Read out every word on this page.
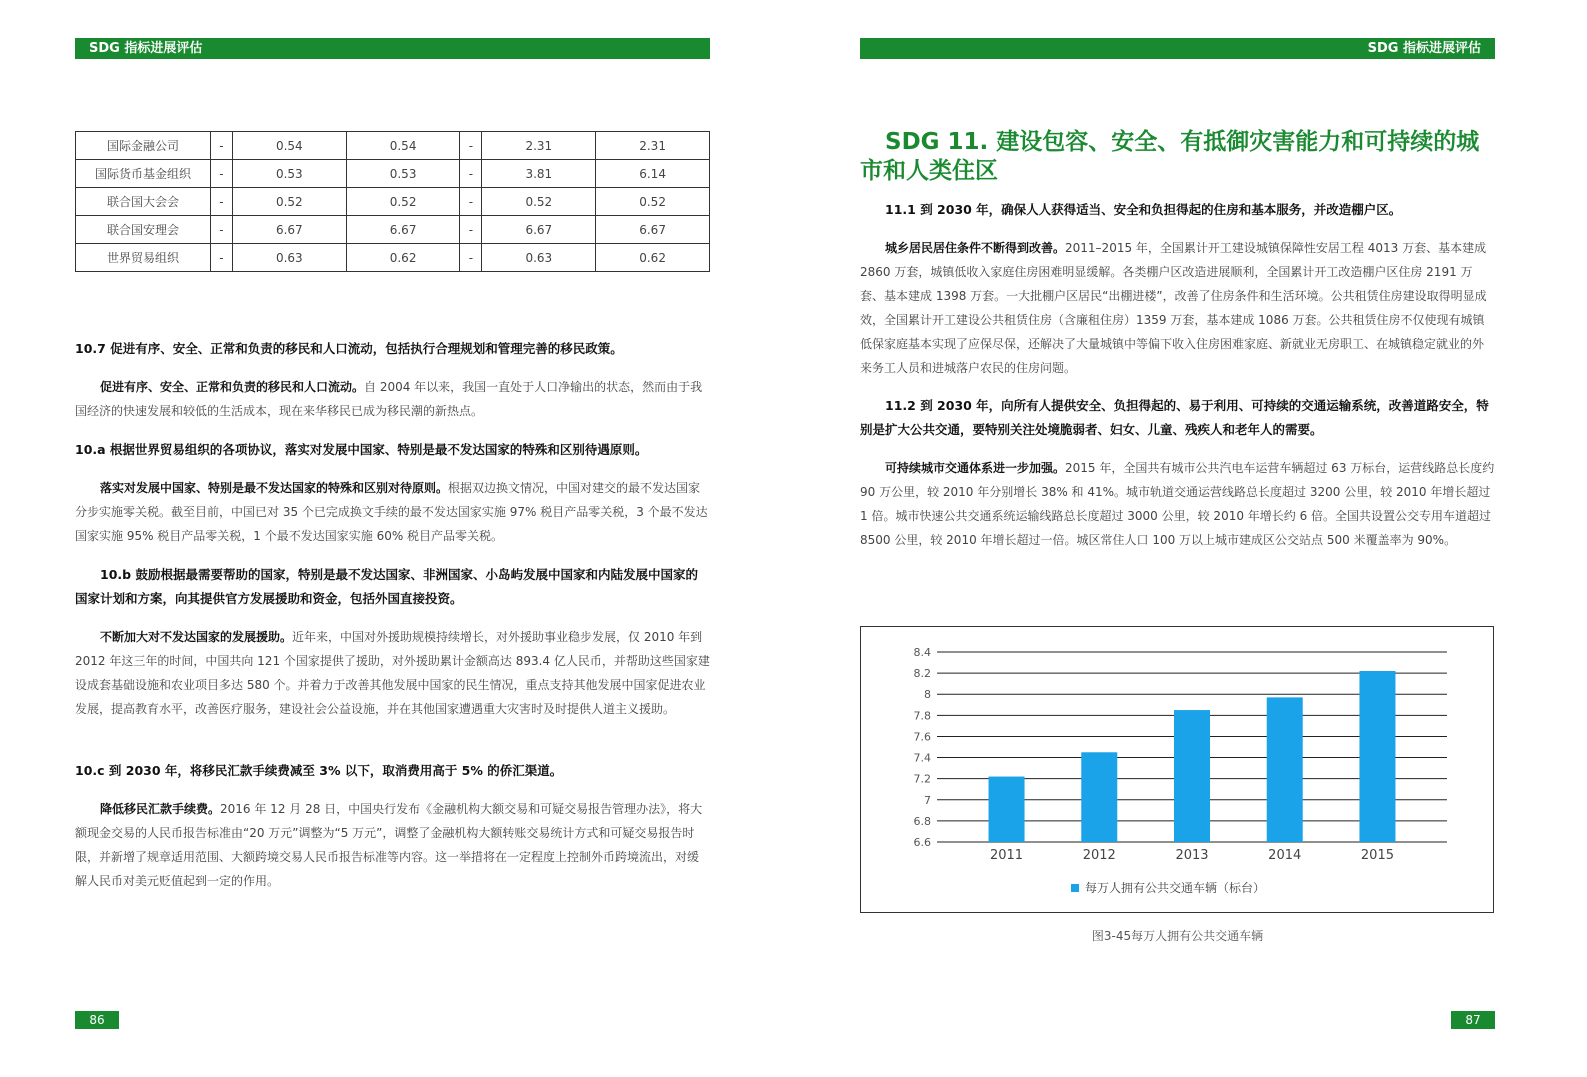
SDG 指标进展评估
国际金融公司	-	0.54	0.54	-	2.31	2.31
国际货币基金组织	-	0.53	0.53	-	3.81	6.14
联合国大会会	-	0.52	0.52	-	0.52	0.52
联合国安理会	-	6.67	6.67	-	6.67	6.67
世界贸易组织	-	0.63	0.62	-	0.63	0.62
10.7 促进有序、安全、正常和负责的移民和人口流动，包括执行合理规划和管理完善的移民政策。
促进有序、安全、正常和负责的移民和人口流动。自 2004 年以来，我国一直处于人口净输出的状态，然而由于我国经济的快速发展和较低的生活成本，现在来华移民已成为移民潮的新热点。
10.a 根据世界贸易组织的各项协议，落实对发展中国家、特别是最不发达国家的特殊和区别待遇原则。
落实对发展中国家、特别是最不发达国家的特殊和区别对待原则。根据双边换文情况，中国对建交的最不发达国家分步实施零关税。截至目前，中国已对 35 个已完成换文手续的最不发达国家实施 97% 税目产品零关税，3 个最不发达国家实施 95% 税目产品零关税，1 个最不发达国家实施 60% 税目产品零关税。
10.b 鼓励根据最需要帮助的国家，特别是最不发达国家、非洲国家、小岛屿发展中国家和内陆发展中国家的国家计划和方案，向其提供官方发展援助和资金，包括外国直接投资。
不断加大对不发达国家的发展援助。近年来，中国对外援助规模持续增长，对外援助事业稳步发展，仅 2010 年到 2012 年这三年的时间，中国共向 121 个国家提供了援助，对外援助累计金额高达 893.4 亿人民币，并帮助这些国家建设成套基础设施和农业项目多达 580 个。并着力于改善其他发展中国家的民生情况，重点支持其他发展中国家促进农业发展，提高教育水平，改善医疗服务，建设社会公益设施，并在其他国家遭遇重大灾害时及时提供人道主义援助。
10.c 到 2030 年，将移民汇款手续费减至 3% 以下，取消费用高于 5% 的侨汇渠道。
降低移民汇款手续费。2016 年 12 月 28 日，中国央行发布《金融机构大额交易和可疑交易报告管理办法》，将大额现金交易的人民币报告标准由“20 万元”调整为“5 万元”，调整了金融机构大额转账交易统计方式和可疑交易报告时限，并新增了规章适用范围、大额跨境交易人民币报告标准等内容。这一举措将在一定程度上控制外币跨境流出，对缓解人民币对美元贬值起到一定的作用。
86
SDG 指标进展评估
SDG 11. 建设包容、安全、有抵御灾害能力和可持续的城市和人类住区
11.1 到 2030 年，确保人人获得适当、安全和负担得起的住房和基本服务，并改造棚户区。
城乡居民居住条件不断得到改善。2011–2015 年，全国累计开工建设城镇保障性安居工程 4013 万套、基本建成 2860 万套，城镇低收入家庭住房困难明显缓解。各类棚户区改造进展顺利，全国累计开工改造棚户区住房 2191 万套、基本建成 1398 万套。一大批棚户区居民“出棚进楼”，改善了住房条件和生活环境。公共租赁住房建设取得明显成效，全国累计开工建设公共租赁住房（含廉租住房）1359 万套，基本建成 1086 万套。公共租赁住房不仅使现有城镇低保家庭基本实现了应保尽保，还解决了大量城镇中等偏下收入住房困难家庭、新就业无房职工、在城镇稳定就业的外来务工人员和进城落户农民的住房问题。
11.2 到 2030 年，向所有人提供安全、负担得起的、易于利用、可持续的交通运输系统，改善道路安全，特别是扩大公共交通，要特别关注处境脆弱者、妇女、儿童、残疾人和老年人的需要。
可持续城市交通体系进一步加强。2015 年，全国共有城市公共汽电车运营车辆超过 63 万标台，运营线路总长度约 90 万公里，较 2010 年分别增长 38% 和 41%。城市轨道交通运营线路总长度超过 3200 公里，较 2010 年增长超过 1 倍。城市快速公共交通系统运输线路总长度超过 3000 公里，较 2010 年增长约 6 倍。全国共设置公交专用车道超过 8500 公里，较 2010 年增长超过一倍。城区常住人口 100 万以上城市建成区公交站点 500 米覆盖率为 90%。
6.6
6.8
7
7.2
7.4
7.6
7.8
8
8.2
8.4
2011	2012	2013	2014	2015
每万人拥有公共交通车辆（标台）
图3-45每万人拥有公共交通车辆
87
